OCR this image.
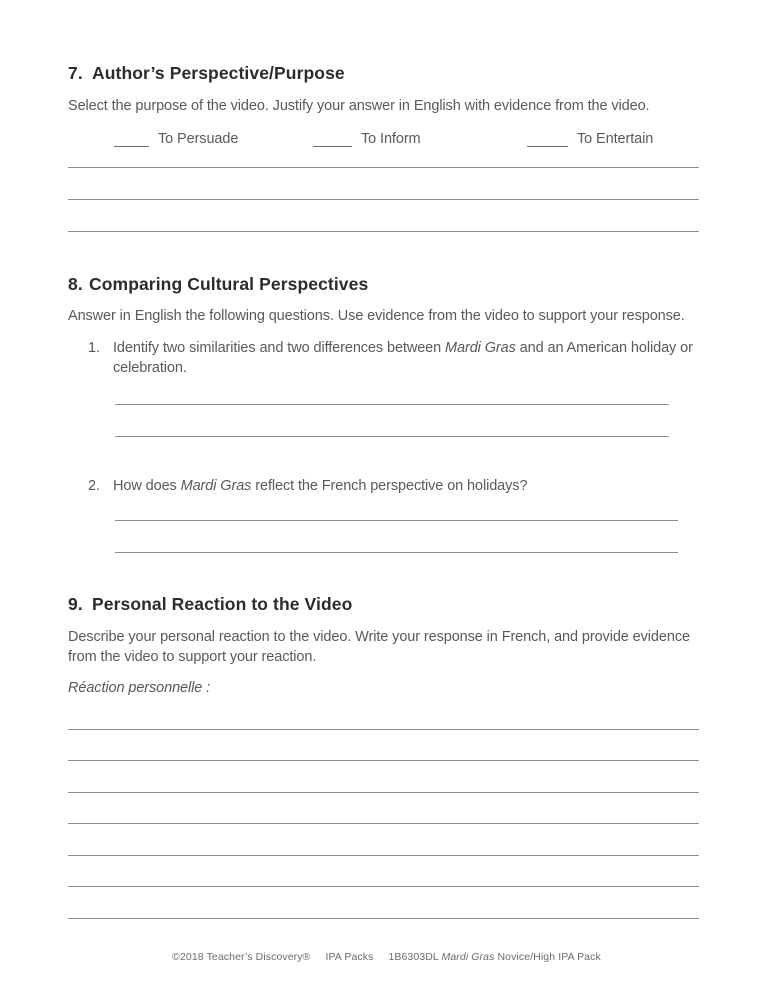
7. Author’s Perspective/Purpose
Select the purpose of the video. Justify your answer in English with evidence from the video.
To Persuade	To Inform	To Entertain
8. Comparing Cultural Perspectives
Answer in English the following questions. Use evidence from the video to support your response.
1. Identify two similarities and two differences between Mardi Gras and an American holiday or celebration.
2. How does Mardi Gras reflect the French perspective on holidays?
9. Personal Reaction to the Video
Describe your personal reaction to the video. Write your response in French, and provide evidence from the video to support your reaction.
Réaction personnelle :
©2018 Teacher’s Discovery® IPA Packs 1B6303DL Mardi Gras Novice/High IPA Pack
